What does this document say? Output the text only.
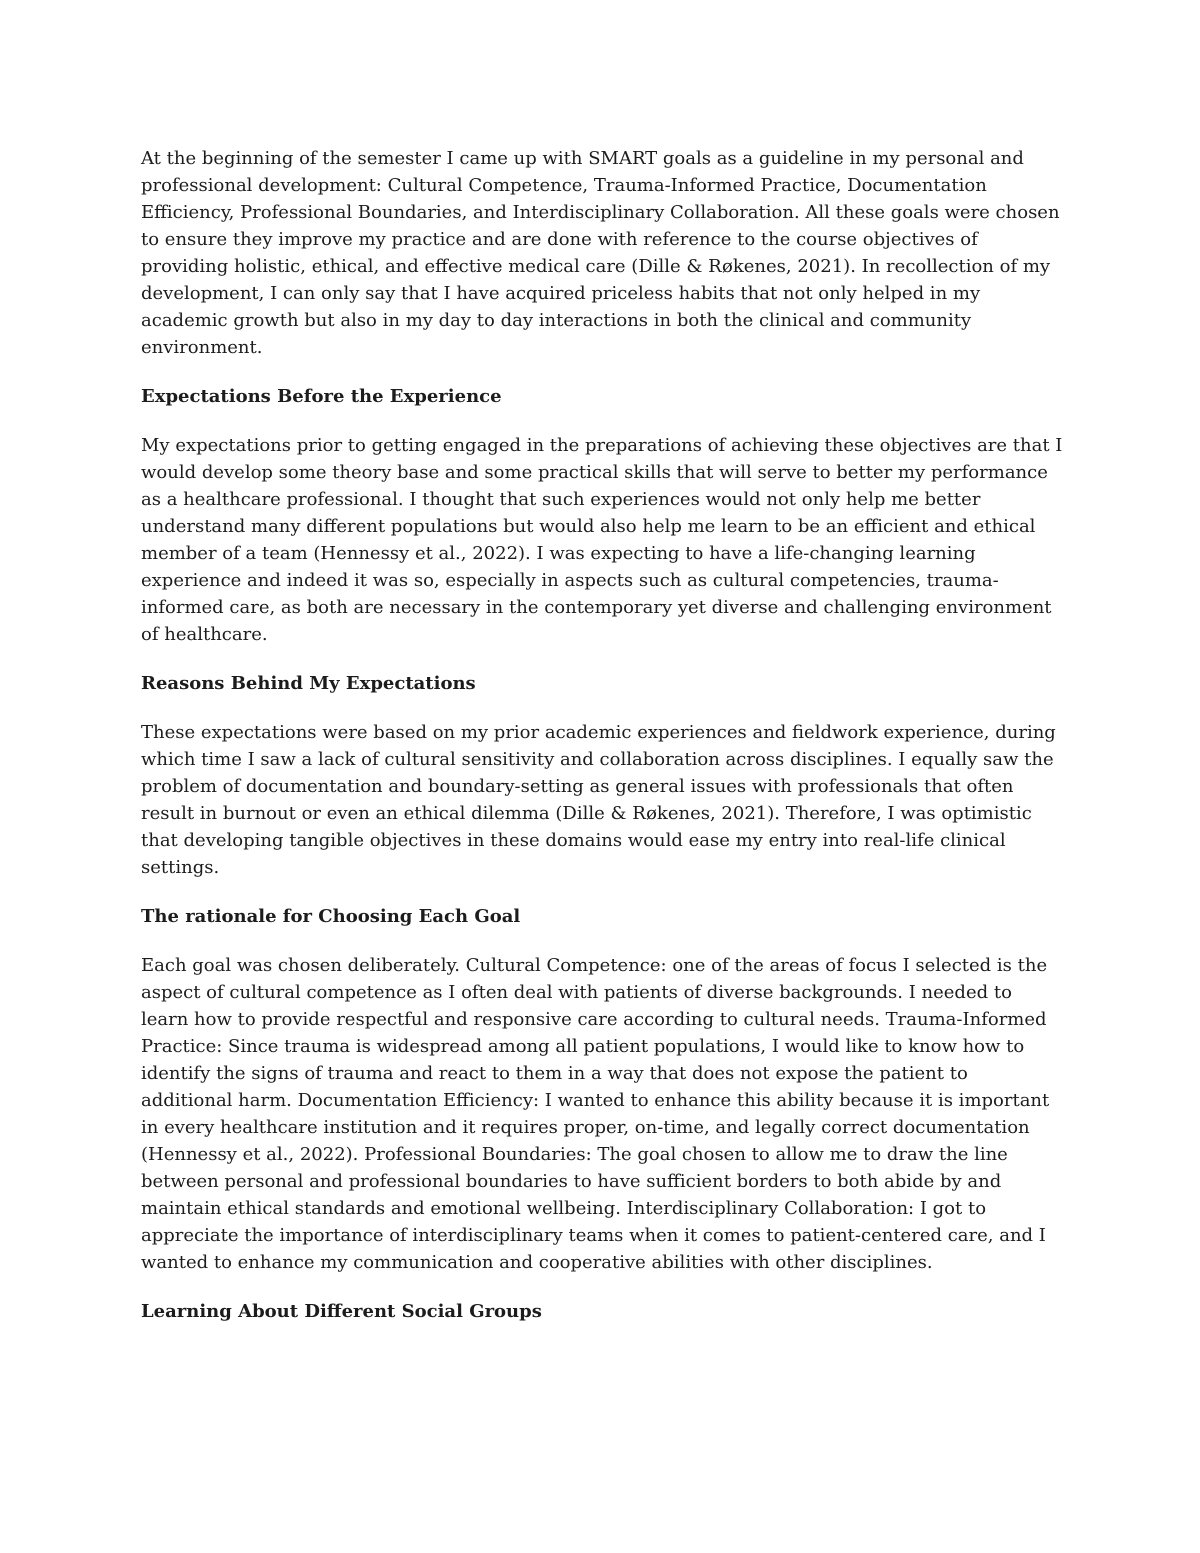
At the beginning of the semester I came up with SMART goals as a guideline in my personal and professional development: Cultural Competence, Trauma-Informed Practice, Documentation Efficiency, Professional Boundaries, and Interdisciplinary Collaboration. All these goals were chosen to ensure they improve my practice and are done with reference to the course objectives of providing holistic, ethical, and effective medical care (Dille & Røkenes, 2021). In recollection of my development, I can only say that I have acquired priceless habits that not only helped in my academic growth but also in my day to day interactions in both the clinical and community environment.

Expectations Before the Experience

My expectations prior to getting engaged in the preparations of achieving these objectives are that I would develop some theory base and some practical skills that will serve to better my performance as a healthcare professional. I thought that such experiences would not only help me better understand many different populations but would also help me learn to be an efficient and ethical member of a team (Hennessy et al., 2022). I was expecting to have a life-changing learning experience and indeed it was so, especially in aspects such as cultural competencies, trauma-informed care, as both are necessary in the contemporary yet diverse and challenging environment of healthcare.

Reasons Behind My Expectations

These expectations were based on my prior academic experiences and fieldwork experience, during which time I saw a lack of cultural sensitivity and collaboration across disciplines. I equally saw the problem of documentation and boundary-setting as general issues with professionals that often result in burnout or even an ethical dilemma (Dille & Røkenes, 2021). Therefore, I was optimistic that developing tangible objectives in these domains would ease my entry into real-life clinical settings.

The rationale for Choosing Each Goal

Each goal was chosen deliberately. Cultural Competence: one of the areas of focus I selected is the aspect of cultural competence as I often deal with patients of diverse backgrounds. I needed to learn how to provide respectful and responsive care according to cultural needs. Trauma-Informed Practice: Since trauma is widespread among all patient populations, I would like to know how to identify the signs of trauma and react to them in a way that does not expose the patient to additional harm. Documentation Efficiency: I wanted to enhance this ability because it is important in every healthcare institution and it requires proper, on-time, and legally correct documentation (Hennessy et al., 2022). Professional Boundaries: The goal chosen to allow me to draw the line between personal and professional boundaries to have sufficient borders to both abide by and maintain ethical standards and emotional wellbeing. Interdisciplinary Collaboration: I got to appreciate the importance of interdisciplinary teams when it comes to patient-centered care, and I wanted to enhance my communication and cooperative abilities with other disciplines.

Learning About Different Social Groups
